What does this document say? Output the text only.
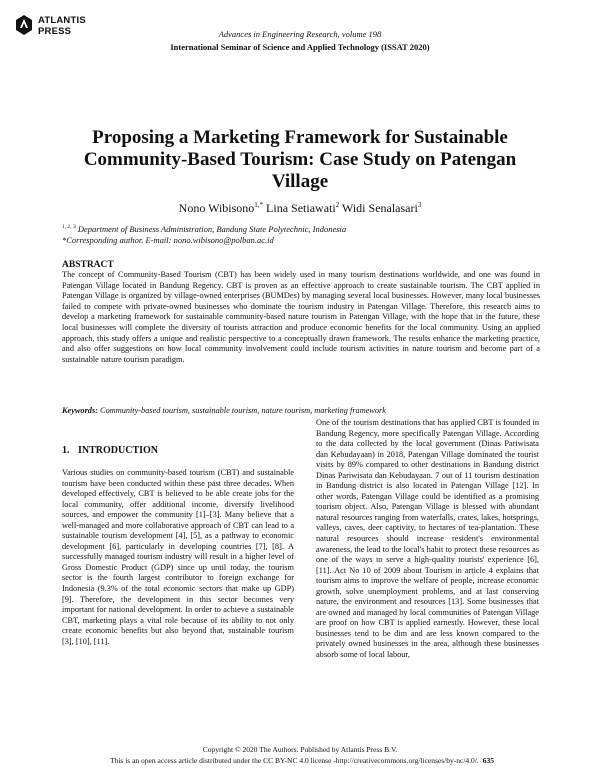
ATLANTIS
PRESS	Advances in Engineering Research, volume 198
International Seminar of Science and Applied Technology (ISSAT 2020)
Proposing a Marketing Framework for Sustainable Community-Based Tourism: Case Study on Patengan Village
Nono Wibisono$^{1,*}$ Lina Setiawati$^2$ Widi Senalasari$^3$
$^{1, 2, 3}$ Department of Business Administration, Bandung State Polytechnic, Indonesia
*Corresponding author. E-mail: nono.wibisono@polban.ac.id
ABSTRACT

The concept of Community-Based Tourism (CBT) has been widely used in many tourism destinations worldwide, and one was found in Patengan Village located in Bandung Regency. CBT is proven as an effective approach to create sustainable tourism. The CBT applied in Patengan Village is organized by village-owned enterprises (BUMDes) by managing several local businesses. However, many local businesses failed to compete with private-owned businesses who dominate the tourism industry in Patengan Village. Therefore, this research aims to develop a marketing framework for sustainable community-based nature tourism in Patengan Village, with the hope that in the future, these local businesses will complete the diversity of tourists attraction and produce economic benefits for the local community. Using an applied approach, this study offers a unique and realistic perspective to a conceptually drawn framework. The results enhance the marketing practice, and also offer suggestions on how local community involvement could include tourism activities in nature tourism and become part of a sustainable nature tourism paradigm.

Keywords: Community-based tourism, sustainable tourism, nature tourism, marketing framework
1. INTRODUCTION

Various studies on community-based tourism (CBT) and sustainable tourism have been conducted within these past three decades. When developed effectively, CBT is believed to be able create jobs for the local community, offer additional income, diversify livelihood sources, and empower the community [1]–[3]. Many believe that a well-managed and more collaborative approach of CBT can lead to a sustainable tourism development [4], [5], as a pathway to economic development [6], particularly in developing countries [7], [8]. A successfully managed tourism industry will result in a higher level of Gross Domestic Product (GDP) since up until today, the tourism sector is the fourth largest contributor to foreign exchange for Indonesia (9.3% of the total economic sectors that make up GDP) [9]. Therefore, the development in this sector becomes very important for national development. In order to achieve a sustainable CBT, marketing plays a vital role because of its ability to not only create economic benefits but also beyond that, sustainable tourism [3], [10], [11].

One of the tourism destinations that has applied CBT is founded in Bandung Regency, more specifically Patengan Village. According to the data collected by the local government (Dinas Pariwisata dan Kebudayaan) in 2018, Patengan Village dominated the tourist visits by 89% compared to other destinations in Bandung district Dinas Pariwisata dan Kebudayaan. 7 out of 11 tourism destination in Bandung district is also located in Patengan Village [12]. In other words, Patengan Village could be identified as a promising tourism object. Also, Patengan Village is blessed with abundant natural resources ranging from waterfalls, crates, lakes, hotsprings, valleys, caves, deer captivity, to hectares of tea-plantation. These natural resources should increase resident's environmental awareness, the lead to the local's habit to protect these resources as one of the ways to serve a high-quality tourists' experience [6], [11]. Act No 10 of 2009 about Tourism in article 4 explains that tourism aims to improve the welfare of people, increase economic growth, solve unemployment problems, and at last conserving nature, the environment and resources [13]. Some businesses that are owned and managed by local communities of Patengan Village are proof on how CBT is applied earnestly. However, these local businesses tend to be dim and are less known compared to the privately owned businesses in the area, although these businesses absorb some of local labour,

Copyright © 2020 The Authors. Published by Atlantis Press B.V.
This is an open access article distributed under the CC BY-NC 4.0 license -http://creativecommons.org/licenses/by-nc/4.0/. 635
